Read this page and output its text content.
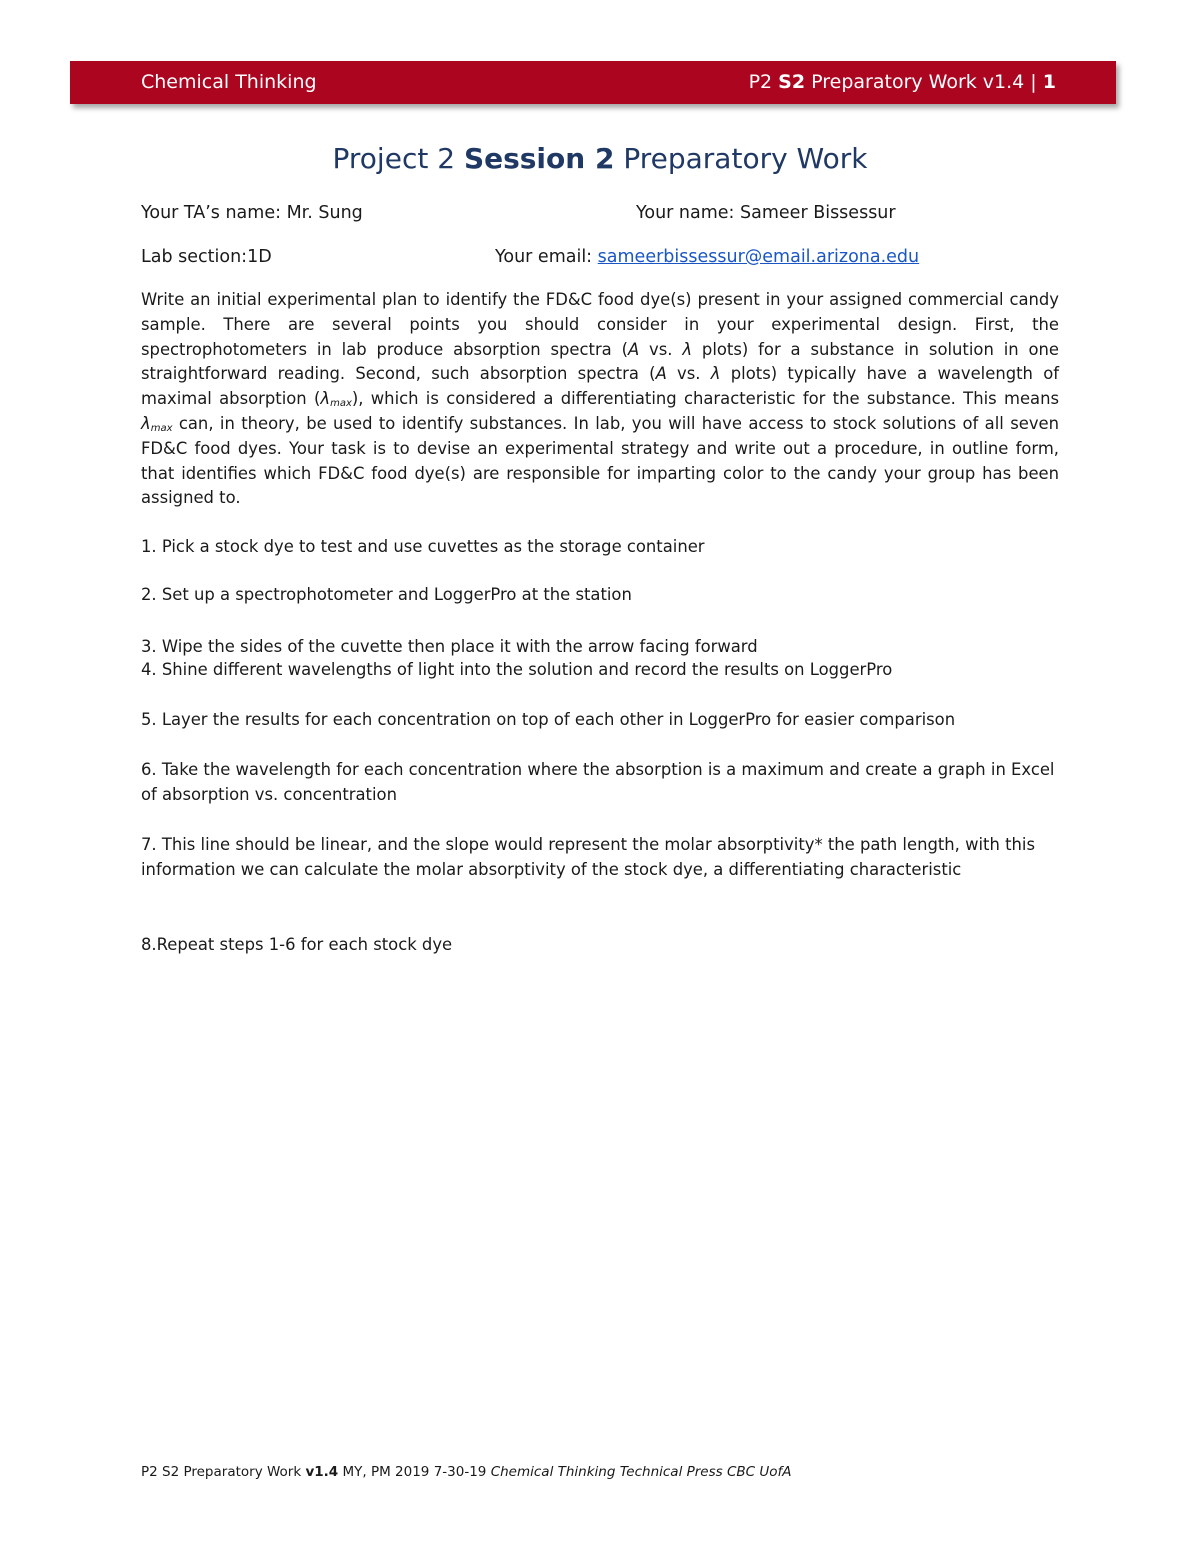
Chemical Thinking	P2 S2 Preparatory Work v1.4 | 1
Project 2 Session 2 Preparatory Work
Your TA’s name: Mr. Sung	Your name: Sameer Bissessur
Lab section:1D	Your email: sameerbissessur@email.arizona.edu
Write an initial experimental plan to identify the FD&C food dye(s) present in your assigned commercial candy sample. There are several points you should consider in your experimental design. First, the spectrophotometers in lab produce absorption spectra (A vs. λ plots) for a substance in solution in one straightforward reading. Second, such absorption spectra (A vs. λ plots) typically have a wavelength of maximal absorption $(\lambda_{max})$, which is considered a differentiating characteristic for the substance. This means $\lambda_{max}$ can, in theory, be used to identify substances. In lab, you will have access to stock solutions of all seven FD&C food dyes. Your task is to devise an experimental strategy and write out a procedure, in outline form, that identifies which FD&C food dye(s) are responsible for imparting color to the candy your group has been assigned to.
1. Pick a stock dye to test and use cuvettes as the storage container
2. Set up a spectrophotometer and LoggerPro at the station
3. Wipe the sides of the cuvette then place it with the arrow facing forward
4. Shine different wavelengths of light into the solution and record the results on LoggerPro
5. Layer the results for each concentration on top of each other in LoggerPro for easier comparison
6. Take the wavelength for each concentration where the absorption is a maximum and create a graph in Excel of absorption vs. concentration
7. This line should be linear, and the slope would represent the molar absorptivity* the path length, with this information we can calculate the molar absorptivity of the stock dye, a differentiating characteristic
8.Repeat steps 1-6 for each stock dye
P2 S2 Preparatory Work v1.4 MY, PM 2019 7-30-19 Chemical Thinking Technical Press CBC UofA
